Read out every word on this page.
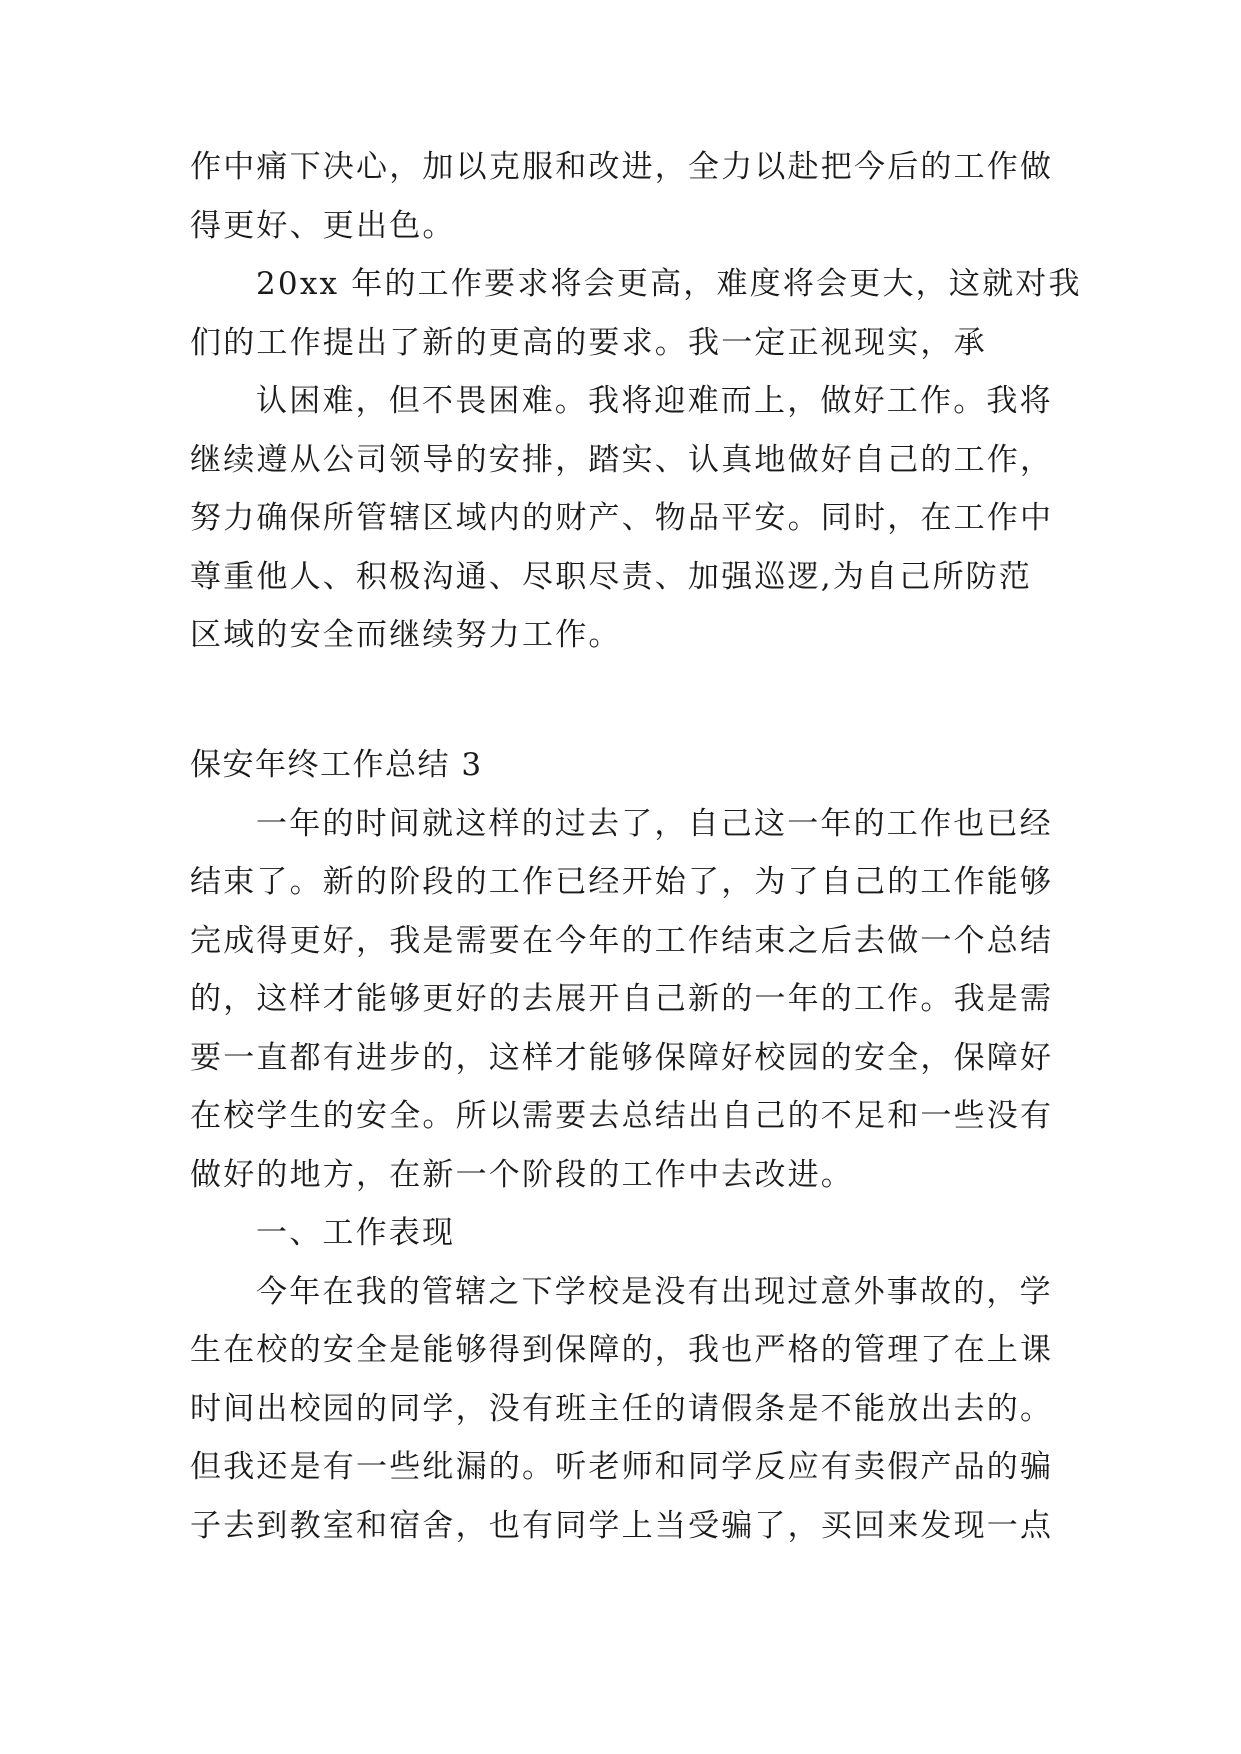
作中痛下决心，加以克服和改进，全力以赴把今后的工作做
得更好、更出色。
20xx 年的工作要求将会更高，难度将会更大，这就对我
们的工作提出了新的更高的要求。我一定正视现实，承
认困难，但不畏困难。我将迎难而上，做好工作。我将
继续遵从公司领导的安排，踏实、认真地做好自己的工作，
努力确保所管辖区域内的财产、物品平安。同时，在工作中
尊重他人、积极沟通、尽职尽责、加强巡逻,为自己所防范
区域的安全而继续努力工作。
保安年终工作总结 3
一年的时间就这样的过去了，自己这一年的工作也已经
结束了。新的阶段的工作已经开始了，为了自己的工作能够
完成得更好，我是需要在今年的工作结束之后去做一个总结
的，这样才能够更好的去展开自己新的一年的工作。我是需
要一直都有进步的，这样才能够保障好校园的安全，保障好
在校学生的安全。所以需要去总结出自己的不足和一些没有
做好的地方，在新一个阶段的工作中去改进。
一、工作表现
今年在我的管辖之下学校是没有出现过意外事故的，学
生在校的安全是能够得到保障的，我也严格的管理了在上课
时间出校园的同学，没有班主任的请假条是不能放出去的。
但我还是有一些纰漏的。听老师和同学反应有卖假产品的骗
子去到教室和宿舍，也有同学上当受骗了，买回来发现一点
